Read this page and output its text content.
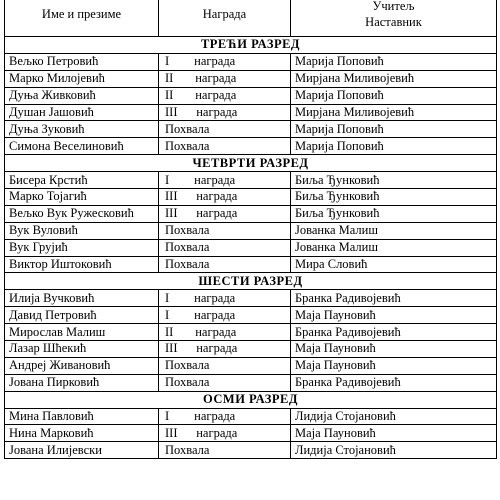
Име и презиме	Награда	Учитељ
Наставник

ТРЕЋИ РАЗРЕД		
Вељко Петровић	I        награда	Марија Поповић
Марко Милојевић	II       награда	Мирјана Миливојевић
Дуња Живковић	II       награда	Марија Поповић
Душан Јашовић	III      награда	Мирјана Миливојевић
Дуња Зуковић	Похвала	Марија Поповић
Симона Веселиновић	Похвала	Марија Поповић
ЧЕТВРТИ РАЗРЕД		
Бисера Крстић	I        награда	Биља Ђунковић
Марко Тојагић	III      награда	Биља Ђунковић
Вељко Вук Ружесковић	III      награда	Биља Ђунковић
Вук Вуловић	Похвала	Јованка Малиш
Вук Грујић	Похвала	Јованка Малиш
Виктор Иштоковић	Похвала	Мира Словић
ШЕСТИ РАЗРЕД		
Илија Вучковић	I        награда	Бранка Радивојевић
Давид Петровић	I        награда	Маја Пауновић
Мирослав Малиш	II       награда	Бранка Радивојевић
Лазар Шћекић	III      награда	Маја Пауновић
Андреј Живановић	Похвала	Маја Пауновић
Јована Пирковић	Похвала	Бранка Радивојевић
ОСМИ РАЗРЕД		
Мина Павловић	I        награда	Лидија Стојановић
Нина Марковић	III      награда	Маја Пауновић
Јована Илијевски	Похвала	Лидија Стојановић
